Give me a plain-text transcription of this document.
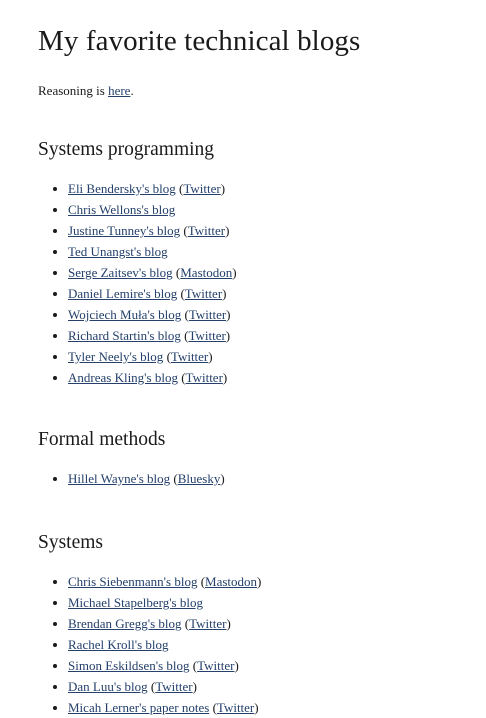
My favorite technical blogs

Reasoning is here.

Systems programming
• Eli Bendersky's blog (Twitter)
• Chris Wellons's blog
• Justine Tunney's blog (Twitter)
• Ted Unangst's blog
• Serge Zaitsev's blog (Mastodon)
• Daniel Lemire's blog (Twitter)
• Wojciech Muła's blog (Twitter)
• Richard Startin's blog (Twitter)
• Tyler Neely's blog (Twitter)
• Andreas Kling's blog (Twitter)
Formal methods
• Hillel Wayne's blog (Bluesky)
Systems
• Chris Siebenmann's blog (Mastodon)
• Michael Stapelberg's blog
• Brendan Gregg's blog (Twitter)
• Rachel Kroll's blog
• Simon Eskildsen's blog (Twitter)
• Dan Luu's blog (Twitter)
• Micah Lerner's paper notes (Twitter)
